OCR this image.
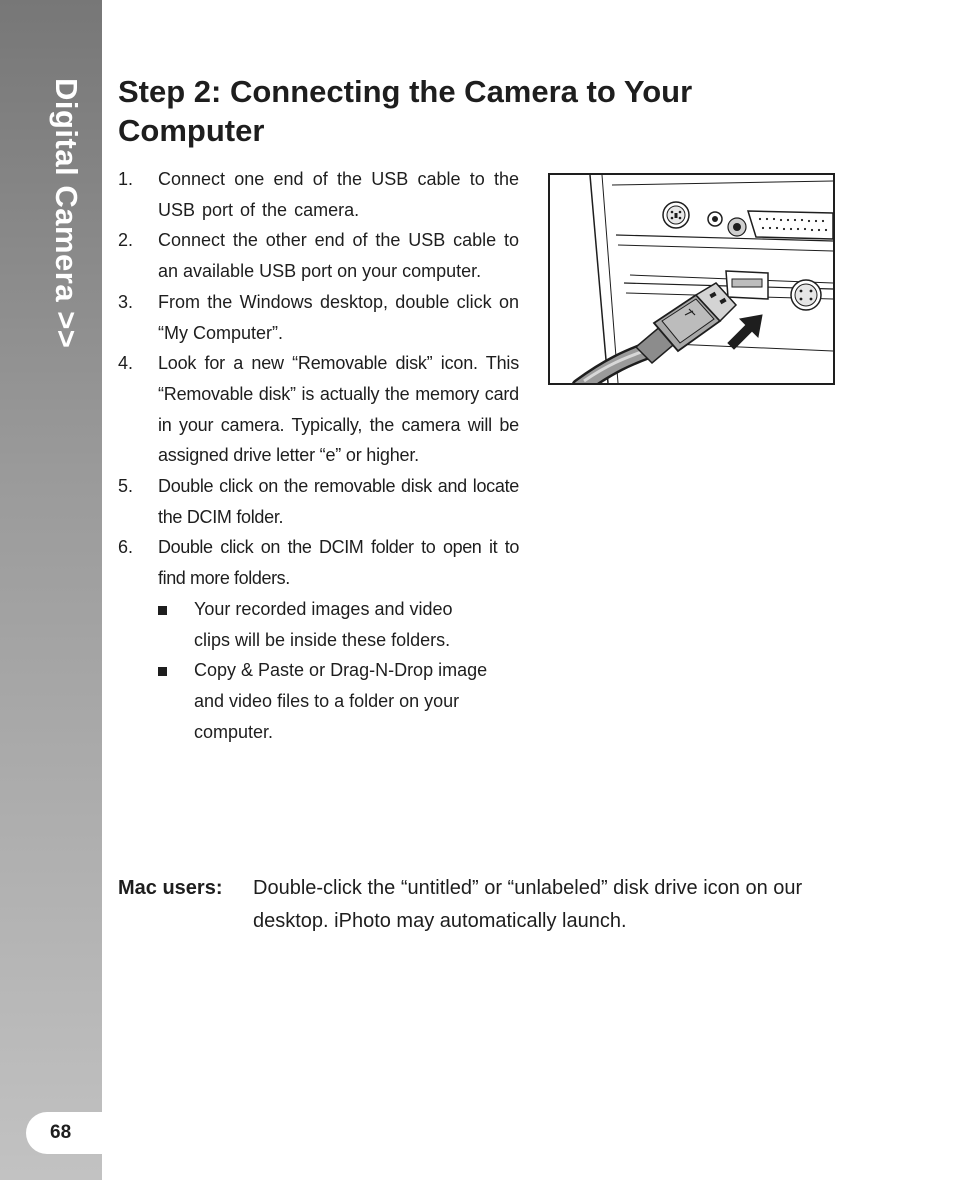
Digital Camera >>
68
Step 2: Connecting the Camera to Your Computer
1.	Connect one end of the USB cable to the USB port of the camera.
2.	Connect the other end of the USB cable to an available USB port on your computer.
3.	From the Windows desktop, double click on “My Computer”.
4.	Look for a new “Removable disk” icon. This “Removable disk” is actually the memory card in your camera. Typically, the camera will be assigned drive letter “e” or higher.
5.	Double click on the removable disk and locate the DCIM folder.
6.	Double click on the DCIM folder to open it to find more folders.
Your recorded images and video clips will be inside these folders.
Copy & Paste or Drag-N-Drop image and video files to a folder on your computer.
Mac users:	Double-click the “untitled” or “unlabeled” disk drive icon on our desktop. iPhoto may automatically launch.
